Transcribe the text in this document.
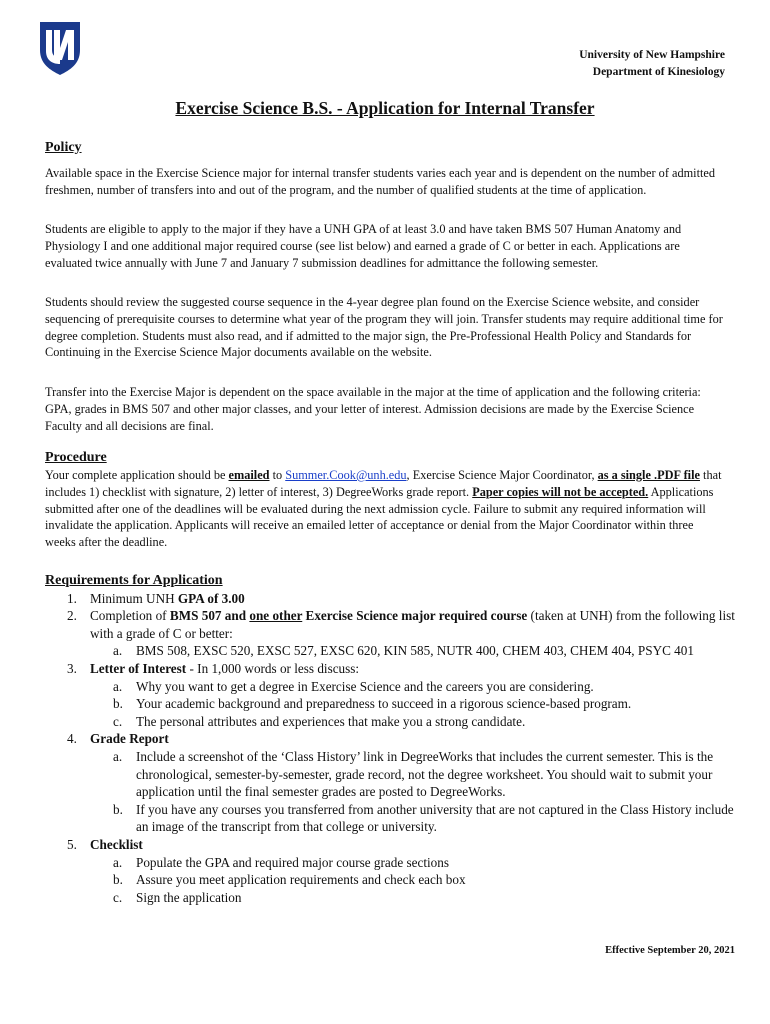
University of New Hampshire
Department of Kinesiology
Exercise Science B.S. - Application for Internal Transfer
Policy
Available space in the Exercise Science major for internal transfer students varies each year and is dependent on the number of admitted freshmen, number of transfers into and out of the program, and the number of qualified students at the time of application.
Students are eligible to apply to the major if they have a UNH GPA of at least 3.0 and have taken BMS 507 Human Anatomy and Physiology I and one additional major required course (see list below) and earned a grade of C or better in each. Applications are evaluated twice annually with June 7 and January 7 submission deadlines for admittance the following semester.
Students should review the suggested course sequence in the 4-year degree plan found on the Exercise Science website, and consider sequencing of prerequisite courses to determine what year of the program they will join. Transfer students may require additional time for degree completion. Students must also read, and if admitted to the major sign, the Pre-Professional Health Policy and Standards for Continuing in the Exercise Science Major documents available on the website.
Transfer into the Exercise Major is dependent on the space available in the major at the time of application and the following criteria: GPA, grades in BMS 507 and other major classes, and your letter of interest. Admission decisions are made by the Exercise Science Faculty and all decisions are final.
Procedure
Your complete application should be emailed to Summer.Cook@unh.edu, Exercise Science Major Coordinator, as a single .PDF file that includes 1) checklist with signature, 2) letter of interest, 3) DegreeWorks grade report. Paper copies will not be accepted. Applications submitted after one of the deadlines will be evaluated during the next admission cycle. Failure to submit any required information will invalidate the application. Applicants will receive an emailed letter of acceptance or denial from the Major Coordinator within three weeks after the deadline.
Requirements for Application
1. Minimum UNH GPA of 3.00
2. Completion of BMS 507 and one other Exercise Science major required course (taken at UNH) from the following list with a grade of C or better:
a. BMS 508, EXSC 520, EXSC 527, EXSC 620, KIN 585, NUTR 400, CHEM 403, CHEM 404, PSYC 401
3. Letter of Interest - In 1,000 words or less discuss:
a. Why you want to get a degree in Exercise Science and the careers you are considering.
b. Your academic background and preparedness to succeed in a rigorous science-based program.
c. The personal attributes and experiences that make you a strong candidate.
4. Grade Report
a. Include a screenshot of the ‘Class History’ link in DegreeWorks that includes the current semester. This is the chronological, semester-by-semester, grade record, not the degree worksheet. You should wait to submit your application until the final semester grades are posted to DegreeWorks.
b. If you have any courses you transferred from another university that are not captured in the Class History include an image of the transcript from that college or university.
5. Checklist
a. Populate the GPA and required major course grade sections
b. Assure you meet application requirements and check each box
c. Sign the application
Effective September 20, 2021
